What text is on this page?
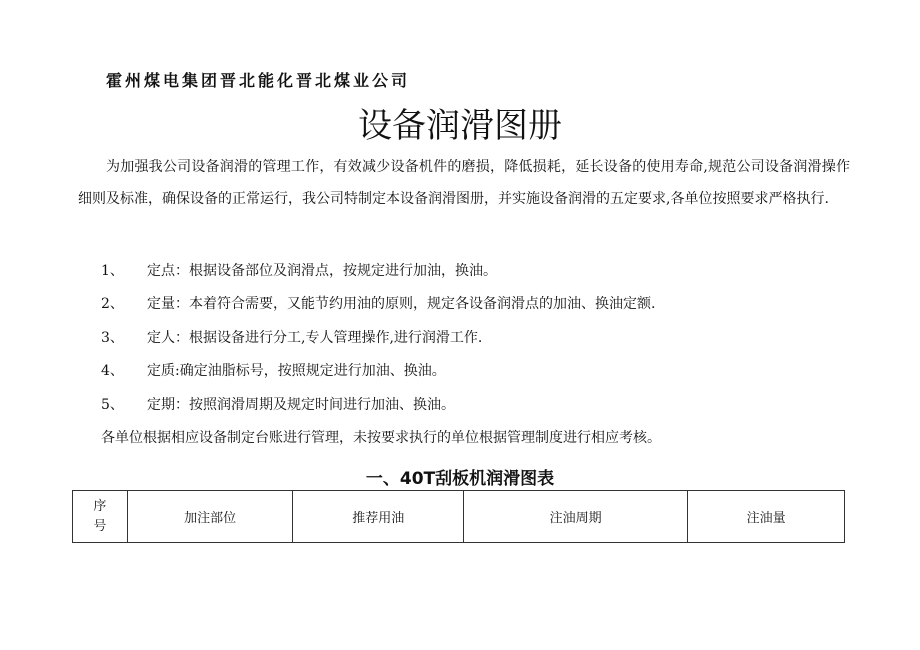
霍州煤电集团晋北能化晋北煤业公司
设备润滑图册

为加强我公司设备润滑的管理工作，有效减少设备机件的磨损，降低损耗，延长设备的使用寿命,规范公司设备润滑操作细则及标准，确保设备的正常运行，我公司特制定本设备润滑图册，并实施设备润滑的五定要求,各单位按照要求严格执行.

1、 定点：根据设备部位及润滑点，按规定进行加油，换油。
2、 定量：本着符合需要，又能节约用油的原则，规定各设备润滑点的加油、换油定额.
3、 定人：根据设备进行分工,专人管理操作,进行润滑工作.
4、 定质:确定油脂标号，按照规定进行加油、换油。
5、 定期：按照润滑周期及规定时间进行加油、换油。
各单位根据相应设备制定台账进行管理，未按要求执行的单位根据管理制度进行相应考核。
一、40T刮板机润滑图表
序
号	加注部位	推荐用油	注油周期	注油量
